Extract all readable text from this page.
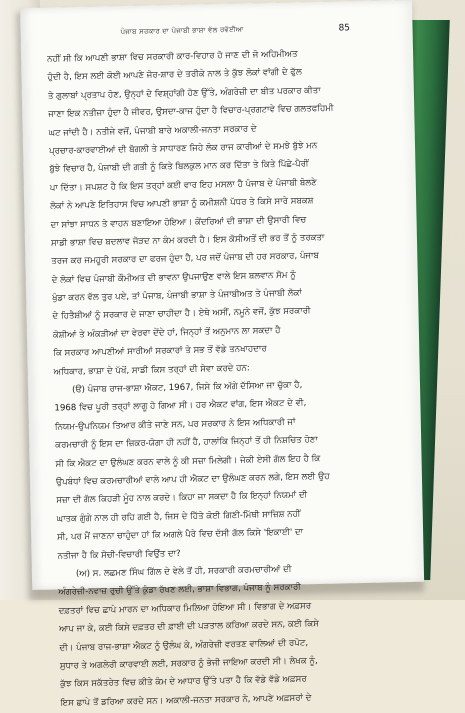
ਪੰਜਾਬ ਸਰਕਾਰ ਦਾ ਪੰਜਾਬੀ ਭਾਸ਼ਾ ਵੱਲ ਰਵੱਈਆ	85
ਨਹੀਂ ਸੀ ਕਿ ਆਪਣੀ ਭਾਸ਼ਾ ਵਿਚ ਸਰਕਾਰੀ ਕਾਰ-ਵਿਹਾਰ ਹੋ ਜਾਣ ਦੀ ਜੋ ਅਹਿਮੀਅਤ
ਹੁੰਦੀ ਹੈ, ਇਸ ਲਈ ਕੋਈ ਆਪਣੇ ਜੋਰ-ਸ਼ਾਰ ਦੇ ਤਰੀਕੇ ਨਾਲ ਤੇ ਕੁੱਝ ਲੋਕਾਂ ਵਾਂਗੀ ਦੇ ਫੁੱਲ
ਤੇ ਗੁਲਾਬਾਂ ਪ੍ਰਤਾਪ ਹੋਣ, ਉਨ੍ਹਾਂ ਦੇ ਵਿਸ਼੍ਹਾਂਗੀ ਹੋਣ ਉੱਤੇ, ਅੰਗਰੇਜ਼ੀ ਦਾ ਬੀਤ ਪਰਕਾਰ ਕੀਤਾ
ਜਾਣਾ ਇਕ ਨਤੀਜਾ ਹੁੰਦਾ ਹੈ ਜੀਵਰ, ਉਸਦਾ-ਕਾਜ ਹੁੰਦਾ ਹੈ ਵਿਚਾਰ-ਪ੍ਰਗਟਾਵੇ ਵਿਚ ਗਲਤਫਹਿਮੀ
ਘਟ ਜਾਂਦੀ ਹੈ। ਨਤੀਜੇ ਵਜੋਂ, ਪੰਜਾਬੀ ਬਾਰੇ ਅਕਾਲੀ-ਜਨਤਾ ਸਰਕਾਰ ਦੇ
ਪ੍ਰਚਾਰ-ਕਾਰਵਾਈਆਂ ਦੀ ਬੋਗਲੀ ਤੇ ਸਾਧਾਰਣ ਜਿਹੇ ਲੋਕ ਰਾਜ ਕਾਰੀਆਂ ਦੇ ਸਮਝੇ ਬੁੱਝੇ ਮਨ
ਬੁੱਝੇ ਵਿਚਾਰ ਹੈ, ਪੰਜਾਬੀ ਦੀ ਗਤੀ ਨੂੰ ਕਿਤੇ ਬਿਲਕੁਲ ਮਾਨ ਕਰ ਦਿੱਤਾ ਤੇ ਕਿਤੇ ਪਿੱਛੇ-ਪੈਰੀਂ
ਪਾ ਦਿੱਤਾ। ਸਪਸ਼ਟ ਹੈ ਕਿ ਇਸ ਤਰ੍ਹਾਂ ਕਈ ਵਾਰ ਇਹ ਮਸਲਾ ਹੈ ਪੰਜਾਬ ਦੇ ਪੰਜਾਬੀ ਬੋਲਣੇ
ਲੋਕਾਂ ਨੇ ਆਪਣੇ ਇਤਿਹਾਸ ਵਿਚ ਆਪਣੀ ਭਾਸ਼ਾ ਨੂੰ ਕਮੀਸ਼ਨੀ ਪੱਧਰ ਤੇ ਕਿਸੇ ਸਾਰੇ ਸਬਕਸ਼
ਦਾ ਸਾਂਝਾ ਸਾਧਨ ਤੇ ਵਾਹਨ ਬਣਾਇਆ ਹੋਇਆ। ਕੇਂਦਰਿਆਂ ਦੀ ਭਾਸ਼ਾ ਦੀ ਉਸਾਰੀ ਵਿਚ
ਸਾਡੀ ਭਾਸ਼ਾ ਵਿਚ ਬਦਲਾਵ ਜੋੜਦ ਨਾ ਕੰਮ ਕਰਦੀ ਹੈ। ਇਸ ਕੋਸੀਅਤੋਂ ਦੀ ਭਰ ਤੋਂ ਨੂੰ ਤਰਕਤਾ
ਤਰਜ ਕਰ ਜਮਹੂਰੀ ਸਰਕਾਰ ਦਾ ਫਰਜ ਹੁੰਦਾ ਹੈ, ਪਰ ਜਦੋਂ ਪੰਜਾਬ ਦੀ ਹਰ ਸਰਕਾਰ, ਪੰਜਾਬ
ਦੇ ਲੋਕਾਂ ਵਿਚ ਪੰਜਾਬੀ ਕੌਮੀਅਤ ਦੀ ਭਾਵਨਾ ਉਪਜਾਉਣ ਵਾਲੇ ਇਸ ਬਲਵਾਨ ਸੋਮ ਨੂੰ
ਖੁੰਡਾ ਕਰਨ ਵੱਲ ਤੁਰ ਪਏ, ਤਾਂ ਪੰਜਾਬ, ਪੰਜਾਬੀ ਭਾਸ਼ਾ ਤੇ ਪੰਜਾਬੀਅਤ ਤੇ ਪੰਜਾਬੀ ਲੋਕਾਂ
ਦੇ ਹਿਤੈਸ਼ੀਆਂ ਨੂੰ ਸਰਕਾਰ ਦੇ ਜਾਣਾ ਚਾਹੀਦਾ ਹੈ। ਏਥੇ ਅਸੀਂ, ਨਮੂਨੇ ਵਜੋਂ, ਕੁੱਝ ਸਰਕਾਰੀ
ਕੋਸ਼ੀਆਂ ਤੇ ਅੰਕੜੀਆਂ ਦਾ ਵੇਰਵਾ ਦੇਂਦੇ ਹਾਂ, ਜਿਨ੍ਹਾਂ ਤੋਂ ਅਨੁਮਾਨ ਲਾ ਸਕਦਾ ਹੈ
ਕਿ ਸਰਕਾਰ ਆਪਣੀਆਂ ਸਾਰੀਆਂ ਸਰਕਾਰਾਂ ਤੇ ਸਭ ਤੋਂ ਵੱਡੇ ਤਨਖਾਹਦਾਰ
ਅਧਿਕਾਰ, ਭਾਸ਼ਾ ਦੇ ਪੱਖੋਂ, ਸਾਡੀ ਕਿਸ ਤਰ੍ਹਾਂ ਦੀ ਸੇਵਾ ਕਰਦੇ ਹਨ:
(ੳ) ਪੰਜਾਬ ਰਾਜ-ਭਾਸ਼ਾ ਐਕਟ, 1967, ਜਿਸੇ ਕਿ ਅੱਗੇ ਦੱਸਿਆ ਜਾ ਚੁੱਕਾ ਹੈ,
1968 ਵਿਚ ਪੂਰੀ ਤਰ੍ਹਾਂ ਲਾਗੂ ਹੋ ਗਿਆ ਸੀ। ਹਰ ਐਕਟ ਵਾਂਗ, ਇਸ ਐਕਟ ਦੇ ਵੀ,
ਨਿਯਮ-ਉਪਨਿਯਮ ਤਿਆਰ ਕੀਤੇ ਜਾਣੇ ਸਨ, ਪਰ ਸਰਕਾਰ ਨੇ ਇਸ ਅਧਿਕਾਰੀ ਜਾਂ
ਕਰਮਚਾਰੀ ਨੂੰ ਇਸ ਦਾ ਜ਼ਿਕਰ-ਯੋਗਾ ਹੀ ਨਹੀਂ ਹੈ, ਹਾਲਾਂਕਿ ਜਿਨ੍ਹਾਂ ਤੋਂ ਹੀ ਨਿਸ਼ਚਿਤ ਹੋਣਾ
ਸੀ ਕਿ ਐਕਟ ਦਾ ਉਲੰਘਣ ਕਰਨ ਵਾਲੇ ਨੂੰ ਕੀ ਸਜ਼ਾ ਮਿਲੇਗੀ। ਜੇਕੀ ਏਸੀ ਗੱਲ ਇਹ ਹੈ ਕਿ
ਉਪਬੰਧਾਂ ਵਿਚ ਕਰਮਚਾਰੀਆਂ ਵਾਲੇ ਆਪ ਹੀ ਐਕਟ ਦਾ ਉਲੰਘਣ ਕਰਨ ਲਗੇ, ਇਸ ਲਈ ਉਹ
ਸਜ਼ਾ ਦੀ ਗੱਲ ਕਿਹੜੀ ਮੂੰਹ ਨਾਲ ਕਰਦੇ। ਕਿਹਾ ਜਾ ਸਕਦਾ ਹੈ ਕਿ ਇਨ੍ਹਾਂ ਨਿਯਮਾਂ ਦੀ
ਘਾਤਕ ਗੁੰਗੇ ਨਾਲ ਹੀ ਰਹਿ ਗਈ ਹੈ, ਜਿਸ ਦੇ ਹਿੱਤੇ ਕੋਈ ਗਿਣੀ-ਮਿੱਥੀ ਸਾਜ਼ਿਸ਼ ਨਹੀਂ
ਸੀ, ਪਰ ਮੈਂ ਜਾਣਨਾ ਚਾਹੁੰਦਾ ਹਾਂ ਕਿ ਅਗਲੇ ਪੈਰੇ ਵਿਚ ਦੱਸੀ ਗੱਲ ਕਿਸੇ 'ਇਕਾਈ' ਦਾ
ਨਤੀਜਾ ਹੈ ਕਿ ਸੋਚੀ-ਵਿਚਾਰੀ ਵਿਉਂਤ ਦਾ?
(ਅ) ਸ. ਲਛਮਣ ਸਿੰਘ ਗਿੱਲ ਦੇ ਵੇਲੇ ਤੋਂ ਹੀ, ਸਰਕਾਰੀ ਕਰਮਚਾਰੀਆਂ ਦੀ
ਅੰਗਰੇਜ਼ੀ-ਨਵਾਜ਼ ਰੁਚੀ ਉੱਤੇ ਕੁੰਡਾ ਰੱਖਣ ਲਈ, ਭਾਸ਼ਾ ਵਿਭਾਗ, ਪੰਜਾਬ ਨੂੰ ਸਰਕਾਰੀ
ਦਫ਼ਤਰਾਂ ਵਿਚ ਛਾਪੇ ਮਾਰਨ ਦਾ ਅਧਿਕਾਰ ਮਿਲਿਆ ਹੋਇਆ ਸੀ। ਵਿਭਾਗ ਦੇ ਅਫ਼ਸਰ
ਆਪ ਜਾ ਕੇ, ਕਈ ਕਿਸੇ ਦਫ਼ਤਰ ਦੀ ਫ਼ਾਈ ਦੀ ਪੜਤਾਲ ਕਰਿਆ ਕਰਦੇ ਸਨ, ਕਈ ਕਿਸੇ
ਦੀ। ਪੰਜਾਬ ਰਾਜ-ਭਾਸ਼ਾ ਐਕਟ ਨੂੰ ਉਲੰਘ ਕੇ, ਅੰਗਰੇਜ਼ੀ ਵਰਤਣ ਵਾਲਿਆਂ ਦੀ ਰਪੋਟ,
ਸੁਧਾਰ ਤੇ ਅਗਲੇਰੀ ਕਾਰਵਾਈ ਲਈ, ਸਰਕਾਰ ਨੂੰ ਭੇਜੀ ਜਾਇਆ ਕਰਦੀ ਸੀ। ਲੇਖਕ ਨੂੰ,
ਕੁੱਝ ਕਿਸ ਸਕੱਤਰੇਤ ਵਿਚ ਕੀਤੇ ਕੰਮ ਦੇ ਆਧਾਰ ਉੱਤੇ ਪਤਾ ਹੈ ਕਿ ਵੱਡੇ ਵੱਡੇ ਅਫ਼ਸਰ
ਇਸ ਛਾਪੇ ਤੋਂ ਡਰਿਆ ਕਰਦੇ ਸਨ। ਅਕਾਲੀ-ਜਨਤਾ ਸਰਕਾਰ ਨੇ, ਆਪਣੇ ਅਫ਼ਸਰਾਂ ਦੇ
